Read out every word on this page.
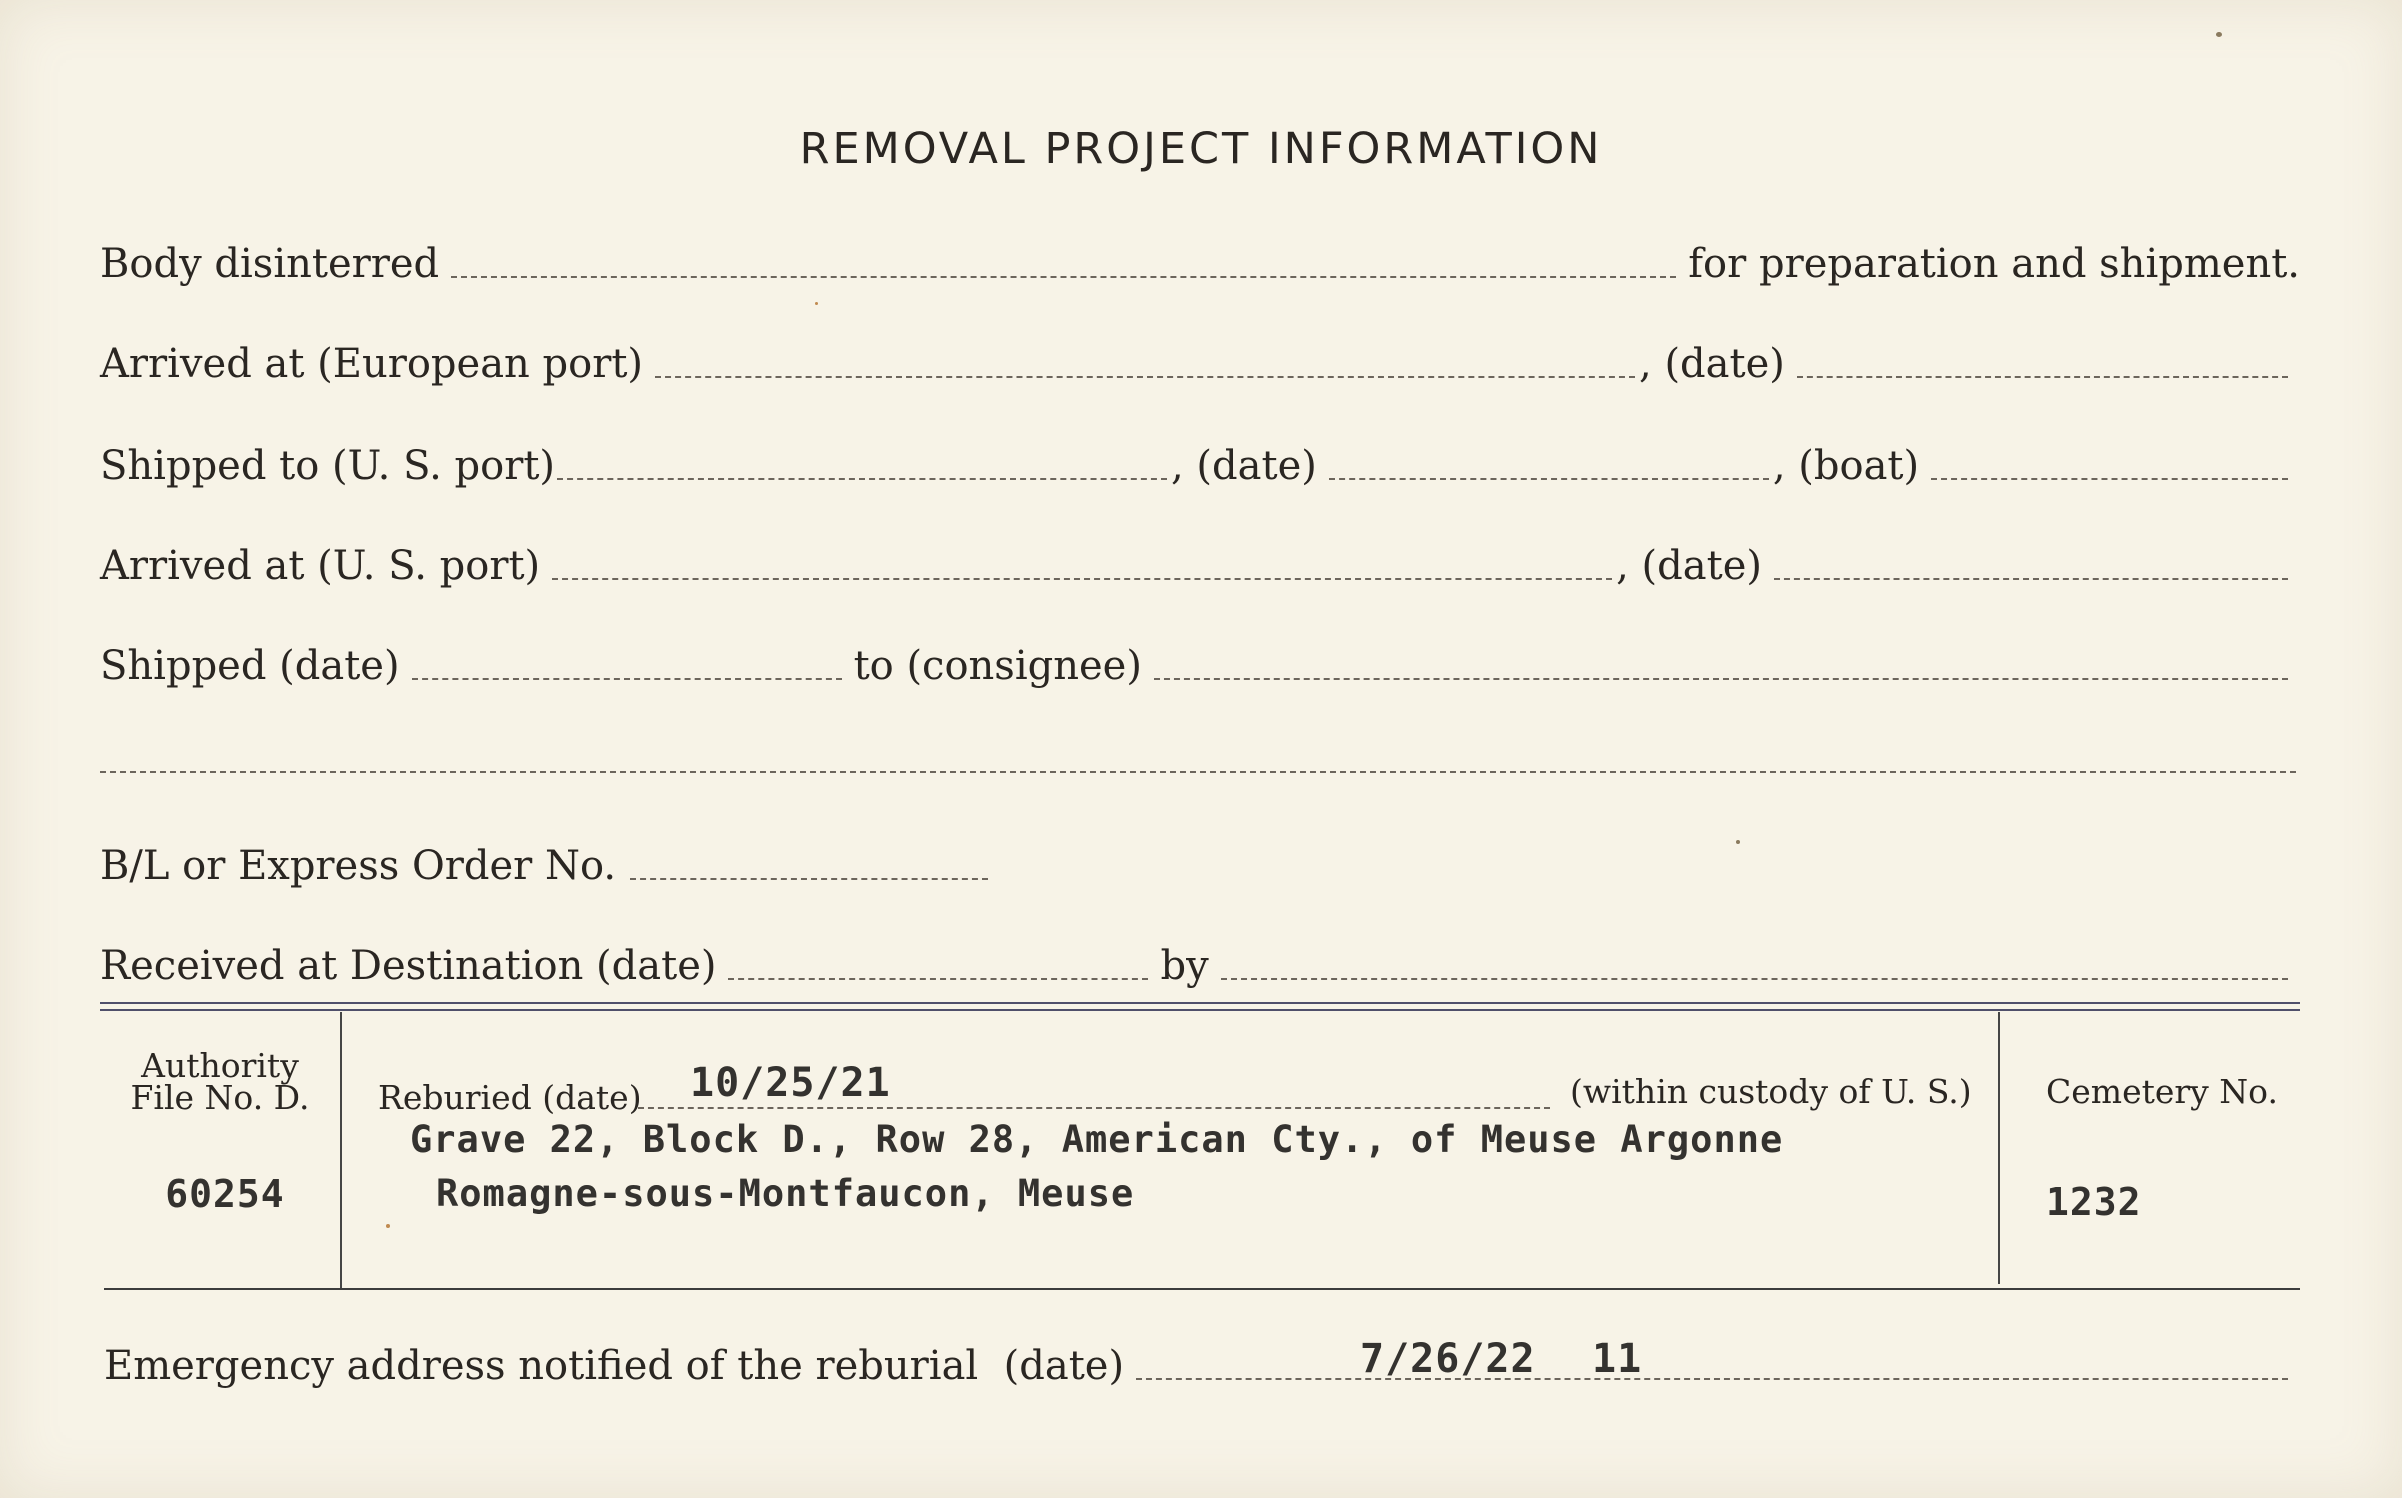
REMOVAL PROJECT INFORMATION
Body disinterred	for preparation and shipment.
Arrived at (European port)	, (date)
Shipped to (U. S. port)	, (date)	, (boat)
Arrived at (U. S. port)	, (date)
Shipped (date)	to (consignee)
B/L or Express Order No.
Received at Destination (date)	by
Authority
File No. D.
60254
Reburied (date) 10/25/21	(within custody of U. S.)
Grave 22, Block D., Row 28, American Cty., of Meuse Argonne
Romagne-sous-Montfaucon, Meuse
Cemetery No.
1232
Emergency address notified of the reburial  (date)	7/26/22 11
